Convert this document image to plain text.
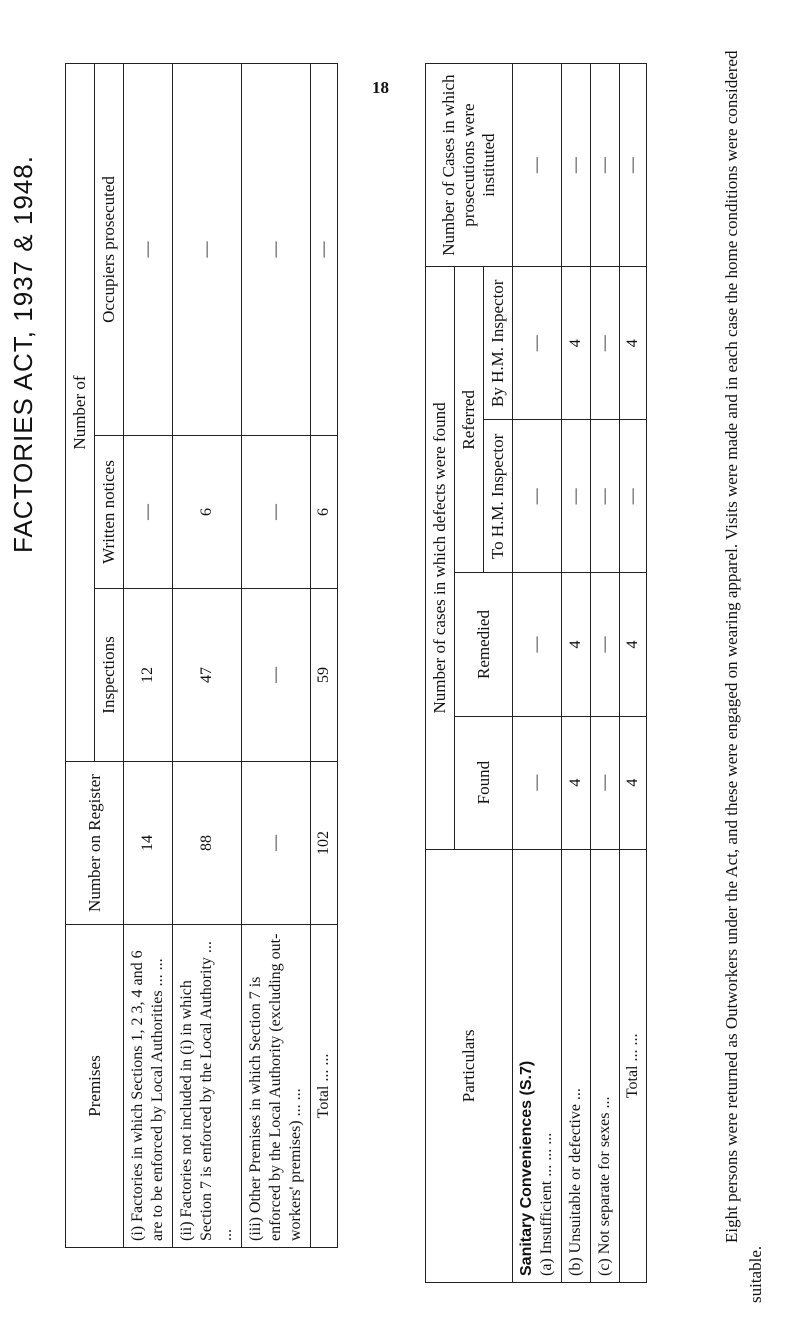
18
FACTORIES ACT, 1937 & 1948.
Premises	Number on Register	Number of		
		Inspections	Written notices	Occupiers prosecuted
(i) Factories in which Sections 1, 2 3, 4 and 6 are to be enforced by Local Authorities ... ...	14	12	—	—
(ii) Factories not included in (i) in which Section 7 is enforced by the Local Authority ... ...	88	47	6	—
(iii) Other Premises in which Section 7 is enforced by the Local Authority (excluding out-workers' premises) ... ...	—	—	—	—
Total ... ...	102	59	6	—
Particulars	Number of cases in which defects were found				Number of Cases in which prosecutions were instituted
	Found	Remedied	Referred		
			To H.M. Inspector	By H.M. Inspector	

Sanitary Conveniences (S.7) (a) Insufficient ... ... ...	—	—	—	—	—
(b) Unsuitable or defective ...	4	4	—	4	—
(c) Not separate for sexes ...	—	—	—	—	—
Total ... ...	4	4	—	4	—	Eight persons were returned as Outworkers under the Act, and these were engaged on wearing apparel. Visits were made and in each case the home conditions were considered suitable.
